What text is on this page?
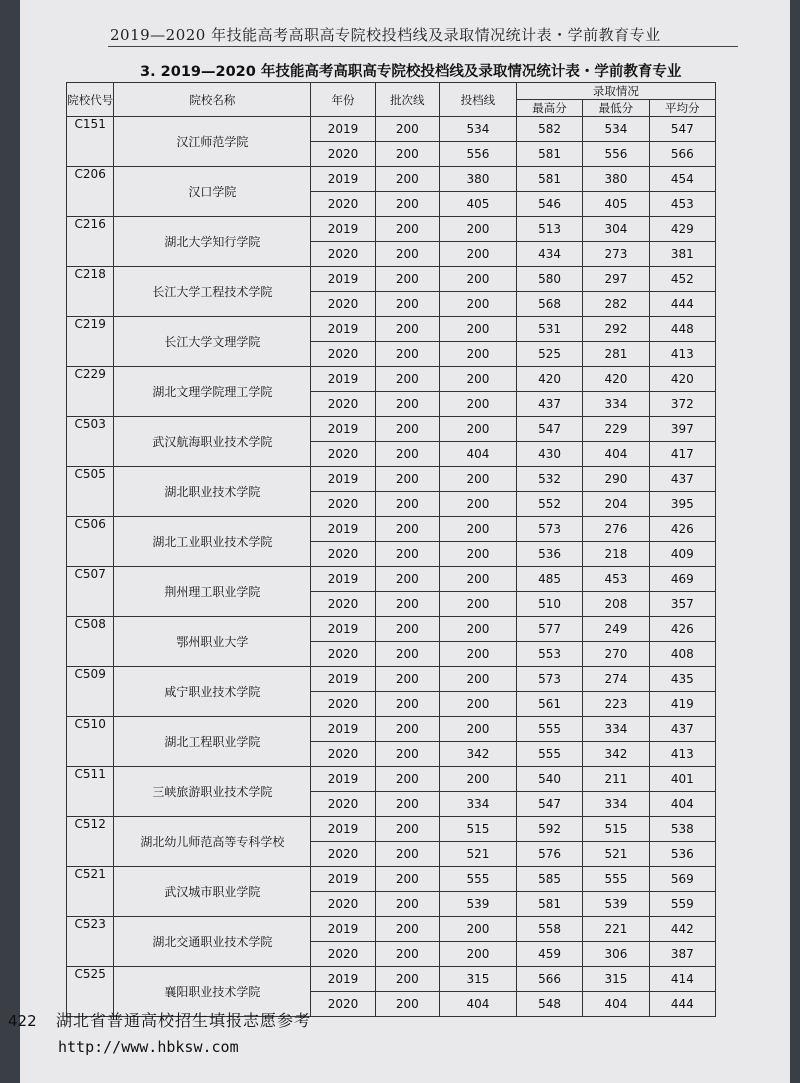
2019—2020 年技能高考高职高专院校投档线及录取情况统计表・学前教育专业
3. 2019—2020 年技能高考高职高专院校投档线及录取情况统计表・学前教育专业
院校代号	院校名称	年份	批次线	投档线	录取情况		
					最高分	最低分	平均分
C151	汉江师范学院	2019	200	534	582	534	547
		2020	200	556	581	556	566
C206	汉口学院	2019	200	380	581	380	454
		2020	200	405	546	405	453
C216	湖北大学知行学院	2019	200	200	513	304	429
		2020	200	200	434	273	381
C218	长江大学工程技术学院	2019	200	200	580	297	452
		2020	200	200	568	282	444
C219	长江大学文理学院	2019	200	200	531	292	448
		2020	200	200	525	281	413
C229	湖北文理学院理工学院	2019	200	200	420	420	420
		2020	200	200	437	334	372
C503	武汉航海职业技术学院	2019	200	200	547	229	397
		2020	200	404	430	404	417
C505	湖北职业技术学院	2019	200	200	532	290	437
		2020	200	200	552	204	395
C506	湖北工业职业技术学院	2019	200	200	573	276	426
		2020	200	200	536	218	409
C507	荆州理工职业学院	2019	200	200	485	453	469
		2020	200	200	510	208	357
C508	鄂州职业大学	2019	200	200	577	249	426
		2020	200	200	553	270	408
C509	咸宁职业技术学院	2019	200	200	573	274	435
		2020	200	200	561	223	419
C510	湖北工程职业学院	2019	200	200	555	334	437
		2020	200	342	555	342	413
C511	三峡旅游职业技术学院	2019	200	200	540	211	401
		2020	200	334	547	334	404
C512	湖北幼儿师范高等专科学校	2019	200	515	592	515	538
		2020	200	521	576	521	536
C521	武汉城市职业学院	2019	200	555	585	555	569
		2020	200	539	581	539	559
C523	湖北交通职业技术学院	2019	200	200	558	221	442
		2020	200	200	459	306	387
C525	襄阳职业技术学院	2019	200	315	566	315	414
		2020	200	404	548	404	444
422 湖北省普通高校招生填报志愿参考
http://www.hbksw.com
